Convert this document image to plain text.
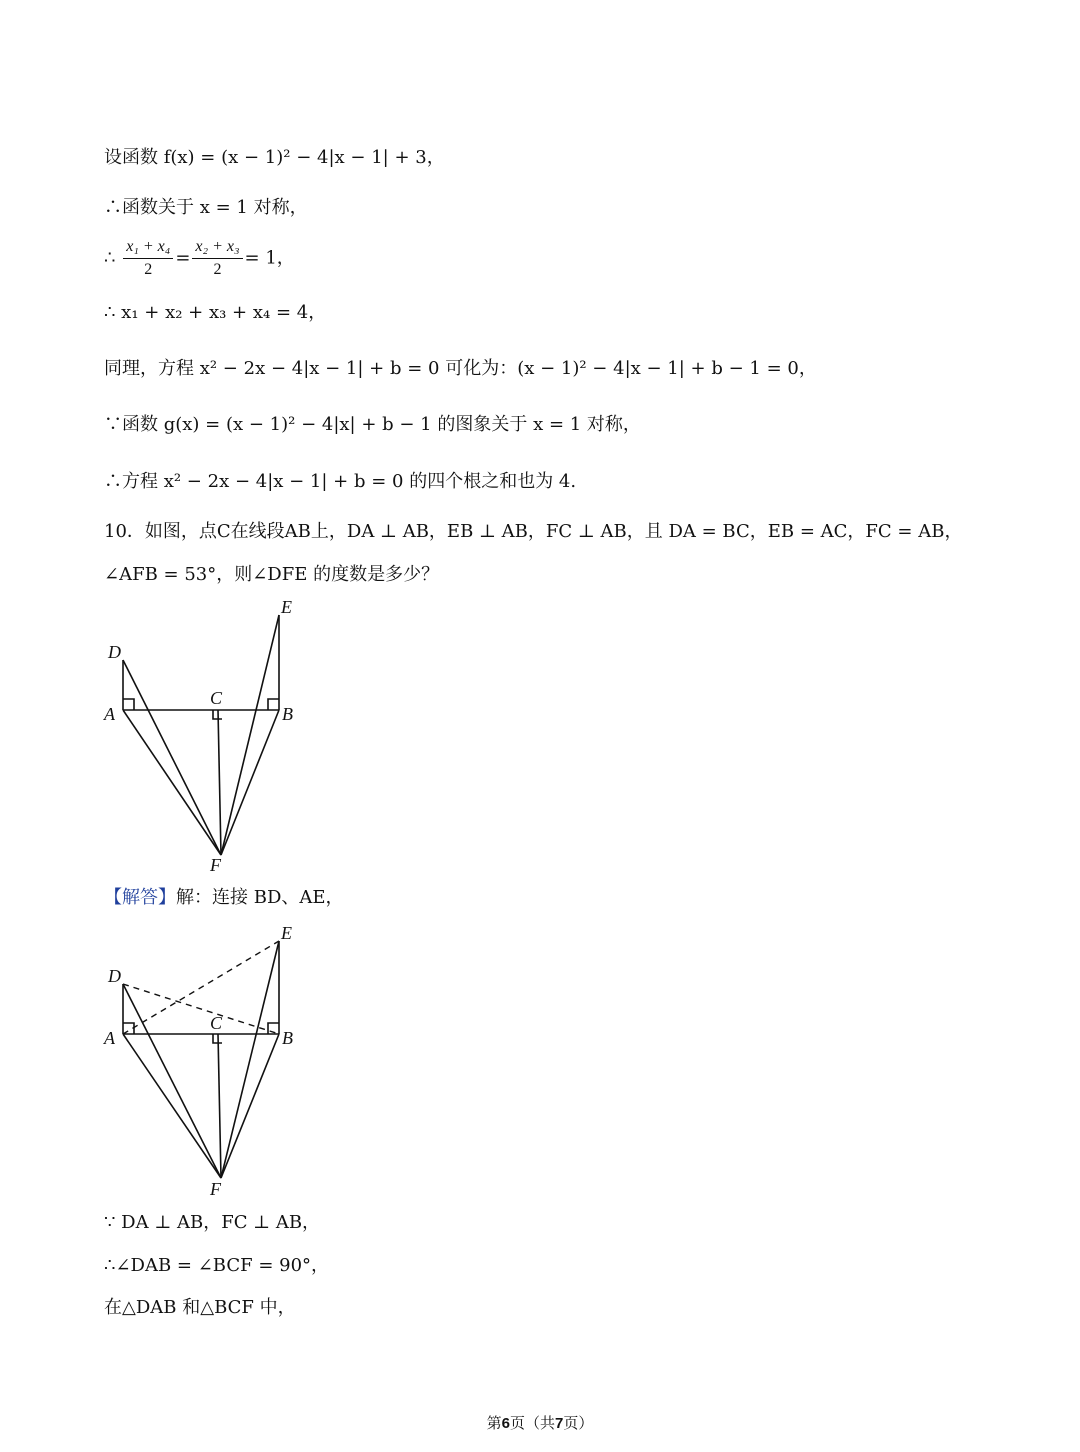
设函数 f(x) = (x − 1)² − 4|x − 1| + 3，
∴函数关于 x = 1 对称，
∴ $\frac{\text{x₁ + x₄}}{2} = \frac{\text{x₂ + x₃}}{2} = 1$，
∴ x₁ + x₂ + x₃ + x₄ = 4，
同理，方程 x² − 2x − 4|x − 1| + b = 0 可化为：(x − 1)² − 4|x − 1| + b − 1 = 0，
∵函数 g(x) = (x − 1)² − 4|x| + b − 1 的图象关于 x = 1 对称，
∴方程 x² − 2x − 4|x − 1| + b = 0 的四个根之和也为 4.
10．如图，点C在线段AB上，DA ⊥ AB，EB ⊥ AB，FC ⊥ AB，且 DA = BC，EB = AC，FC = AB，
∠AFB = 53°，则∠DFE 的度数是多少？
D
E
A
C
B
F
【解答】解：连接 BD、AE，
D
E
A
C
B
F
∵ DA ⊥ AB，FC ⊥ AB，
∴∠DAB = ∠BCF = 90°，
在△DAB 和△BCF 中，
第6页（共7页）
